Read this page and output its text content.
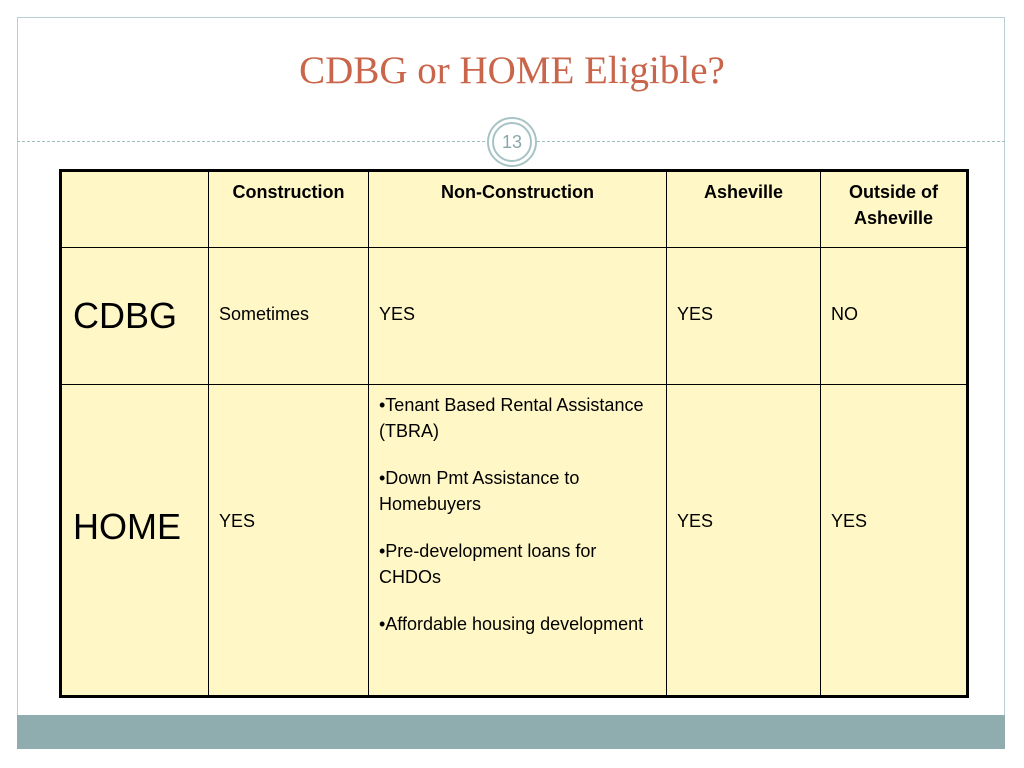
CDBG or HOME Eligible?
13
	Construction	Non-Construction	Asheville	Outside of Asheville
CDBG	Sometimes	YES	YES	NO
HOME	YES	•Tenant Based Rental Assistance (TBRA)
•Down Pmt Assistance to Homebuyers
•Pre-development loans for CHDOs
•Affordable housing development	YES	YES
